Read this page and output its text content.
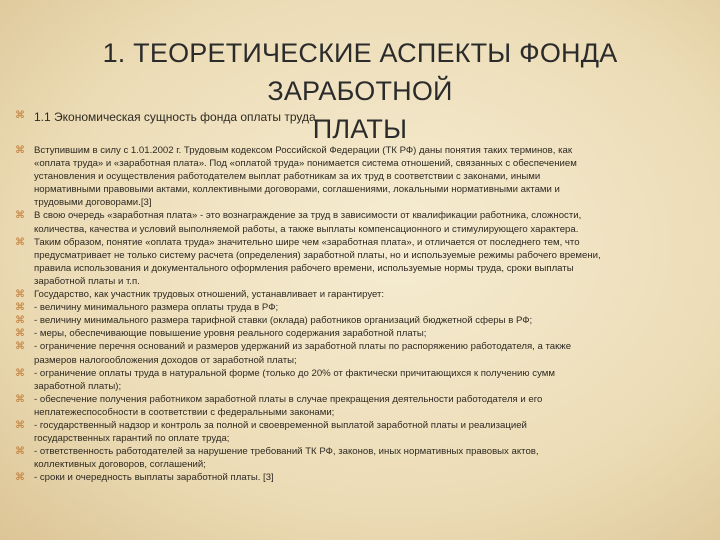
1. ТЕОРЕТИЧЕСКИЕ АСПЕКТЫ ФОНДА ЗАРАБОТНОЙ
ПЛАТЫ
⌘ 1.1 Экономическая сущность фонда оплаты труда
⌘ Вступившим в силу с 1.01.2002 г. Трудовым кодексом Российской Федерации (ТК РФ) даны понятия таких терминов, как
«оплата труда» и «заработная плата». Под «оплатой труда» понимается система отношений, связанных с обеспечением
установления и осуществления работодателем выплат работникам за их труд в соответствии с законами, иными
нормативными правовыми актами, коллективными договорами, соглашениями, локальными нормативными актами и
трудовыми договорами.[3]
⌘ В свою очередь «заработная плата» - это вознаграждение за труд в зависимости от квалификации работника, сложности,
количества, качества и условий выполняемой работы, а также выплаты компенсационного и стимулирующего характера.
⌘ Таким образом, понятие «оплата труда» значительно шире чем «заработная плата», и отличается от последнего тем, что
предусматривает не только систему расчета (определения) заработной платы, но и используемые режимы рабочего времени,
правила использования и документального оформления рабочего времени, используемые нормы труда, сроки выплаты
заработной платы и т.п.
⌘ Государство, как участник трудовых отношений, устанавливает и гарантирует:
⌘ - величину минимального размера оплаты труда в РФ;
⌘ - величину минимального размера тарифной ставки (оклада) работников организаций бюджетной сферы в РФ;
⌘ - меры, обеспечивающие повышение уровня реального содержания заработной платы;
⌘ - ограничение перечня оснований и размеров удержаний из заработной платы по распоряжению работодателя, а также
размеров налогообложения доходов от заработной платы;
⌘ - ограничение оплаты труда в натуральной форме (только до 20% от фактически причитающихся к получению сумм
заработной платы);
⌘ - обеспечение получения работником заработной платы в случае прекращения деятельности работодателя и его
неплатежеспособности в соответствии с федеральными законами;
⌘ - государственный надзор и контроль за полной и своевременной выплатой заработной платы и реализацией
государственных гарантий по оплате труда;
⌘ - ответственность работодателей за нарушение требований ТК РФ, законов, иных нормативных правовых актов,
коллективных договоров, соглашений;
⌘ - сроки и очередность выплаты заработной платы. [3]
